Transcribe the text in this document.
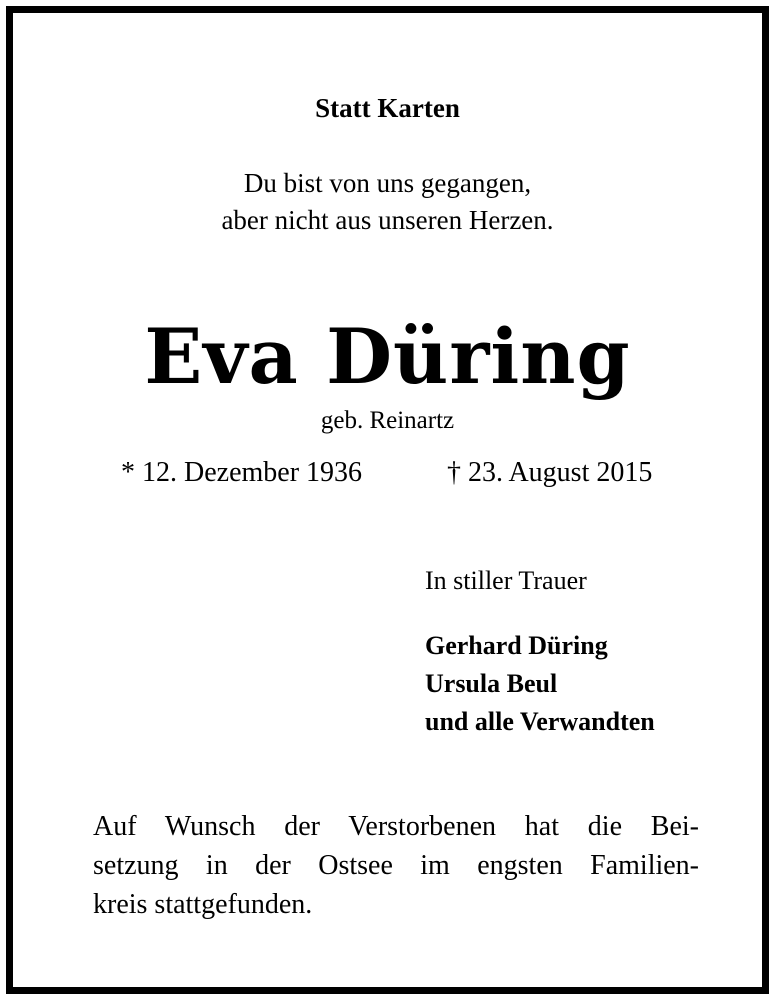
Statt Karten
Du bist von uns gegangen,
aber nicht aus unseren Herzen.
Eva Düring
geb. Reinartz
* 12. Dezember 1936	† 23. August 2015
In stiller Trauer
Gerhard Düring
Ursula Beul
und alle Verwandten
Auf Wunsch der Verstorbenen hat die Bei-
setzung in der Ostsee im engsten Familien-
kreis stattgefunden.
